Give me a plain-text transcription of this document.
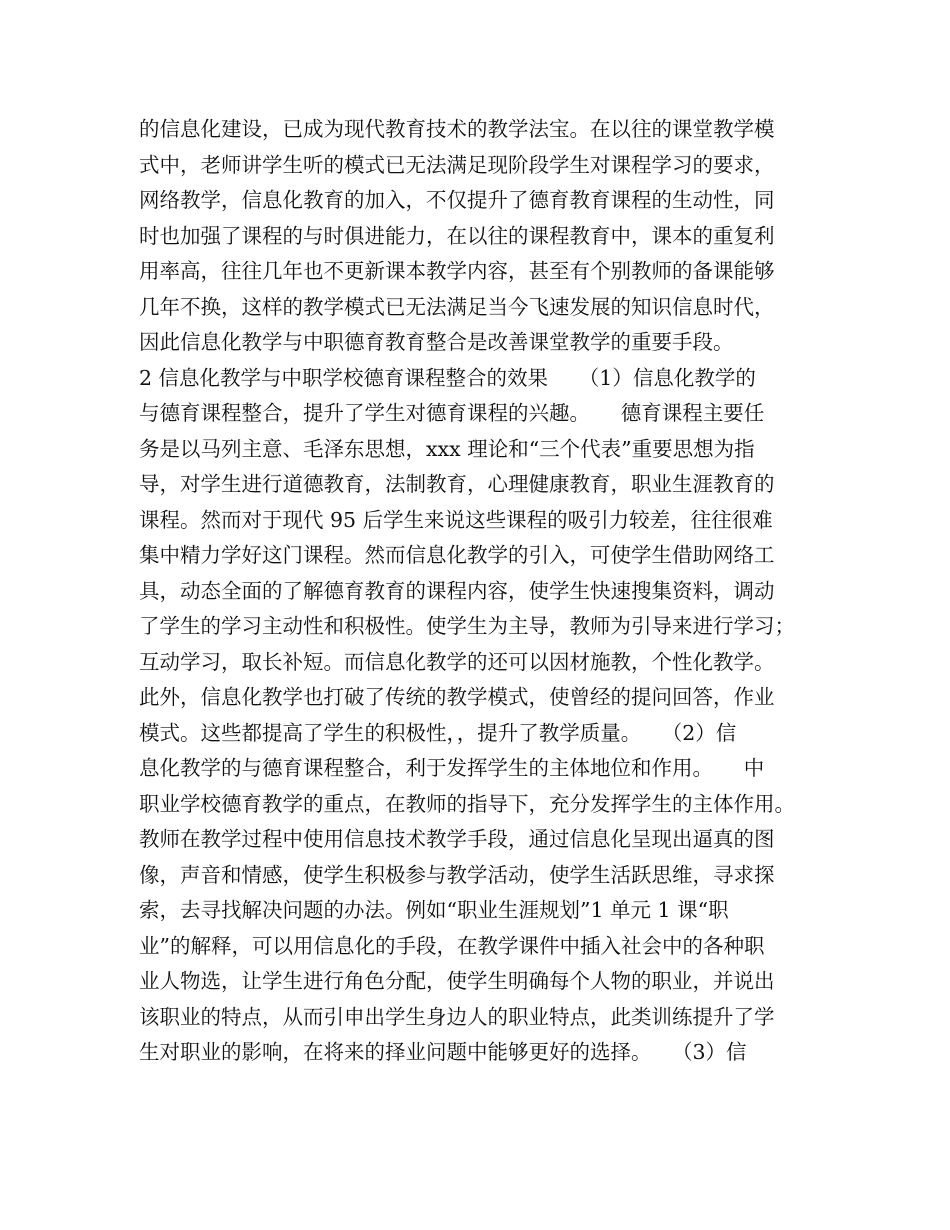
的信息化建设，已成为现代教育技术的教学法宝。在以往的课堂教学模
式中，老师讲学生听的模式已无法满足现阶段学生对课程学习的要求，
网络教学，信息化教育的加入，不仅提升了德育教育课程的生动性，同
时也加强了课程的与时俱进能力，在以往的课程教育中，课本的重复利
用率高，往往几年也不更新课本教学内容，甚至有个别教师的备课能够
几年不换，这样的教学模式已无法满足当今飞速发展的知识信息时代，
因此信息化教学与中职德育教育整合是改善课堂教学的重要手段。
2 信息化教学与中职学校德育课程整合的效果　　（1）信息化教学的
与德育课程整合，提升了学生对德育课程的兴趣。　　德育课程主要任
务是以马列主意、毛泽东思想，xxx 理论和“三个代表”重要思想为指
导，对学生进行道德教育，法制教育，心理健康教育，职业生涯教育的
课程。然而对于现代 95 后学生来说这些课程的吸引力较差，往往很难
集中精力学好这门课程。然而信息化教学的引入，可使学生借助网络工
具，动态全面的了解德育教育的课程内容，使学生快速搜集资料，调动
了学生的学习主动性和积极性。使学生为主导，教师为引导来进行学习；
互动学习，取长补短。而信息化教学的还可以因材施教，个性化教学。
此外，信息化教学也打破了传统的教学模式，使曾经的提问回答，作业
模式。这些都提高了学生的积极性，，提升了教学质量。　　（2）信
息化教学的与德育课程整合，利于发挥学生的主体地位和作用。　　中
职业学校德育教学的重点，在教师的指导下，充分发挥学生的主体作用。
教师在教学过程中使用信息技术教学手段，通过信息化呈现出逼真的图
像，声音和情感，使学生积极参与教学活动，使学生活跃思维，寻求探
索，去寻找解决问题的办法。例如“职业生涯规划”1 单元 1 课“职
业”的解释，可以用信息化的手段，在教学课件中插入社会中的各种职
业人物选，让学生进行角色分配，使学生明确每个人物的职业，并说出
该职业的特点，从而引申出学生身边人的职业特点，此类训练提升了学
生对职业的影响，在将来的择业问题中能够更好的选择。　　（3）信
